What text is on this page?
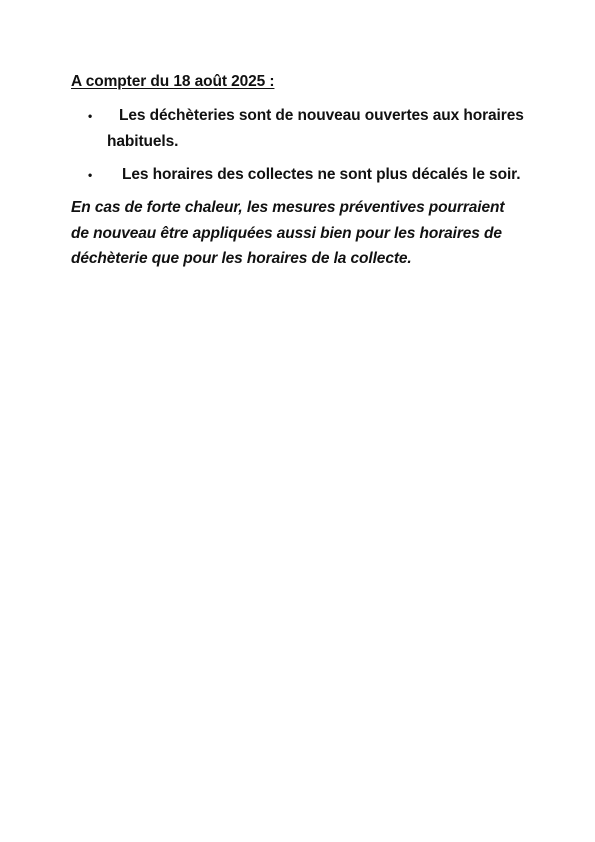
A compter du 18 août 2025 :

•	Les déchèteries sont de nouveau ouvertes aux horaires habituels.
•	Les horaires des collectes ne sont plus décalés le soir.

En cas de forte chaleur, les mesures préventives pourraient de nouveau être appliquées aussi bien pour les horaires de déchèterie que pour les horaires de la collecte.
